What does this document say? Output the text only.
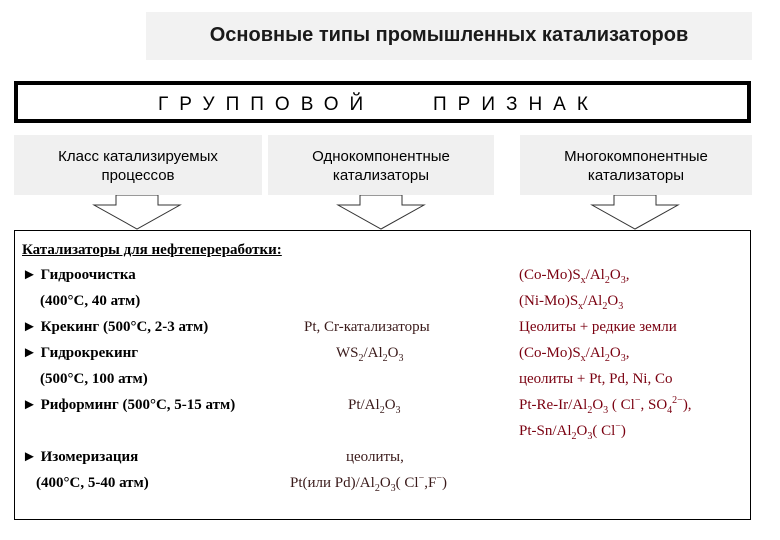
Основные типы промышленных катализаторов
ГРУППОВОЙ	ПРИЗНАК
Класс катализируемых
процессов
Однокомпонентные
катализаторы
Многокомпонентные
катализаторы
Катализаторы для нефтепереработки:
► Гидроочистка
(400°C, 40 атм)
► Крекинг (500°C, 2-3 атм)
► Гидрокрекинг
(500°C, 100 атм)
► Риформинг (500°C, 5-15 атм)
► Изомеризация
(400°C, 5-40 атм)
Pt, Cr-катализаторы
$WS_2/Al_2O_3$
$Pt/Al_2O_3$
цеолиты,
Pt(или $Pd)/Al_2O_3$( Cl−,F−)
$(Co-Mo)S_x/Al_2O_3$,
$(Ni-Mo)S_x/Al_2O_3$
Цеолиты + редкие земли
$(Co-Mo)S_x/Al_2O_3$,
цеолиты + Pt, Pd, Ni, Co
$Pt-Re-Ir/Al_2O_3$ ( Cl−, $SO_4^{2-}$),
$Pt-Sn/Al_2O_3$( Cl−)
